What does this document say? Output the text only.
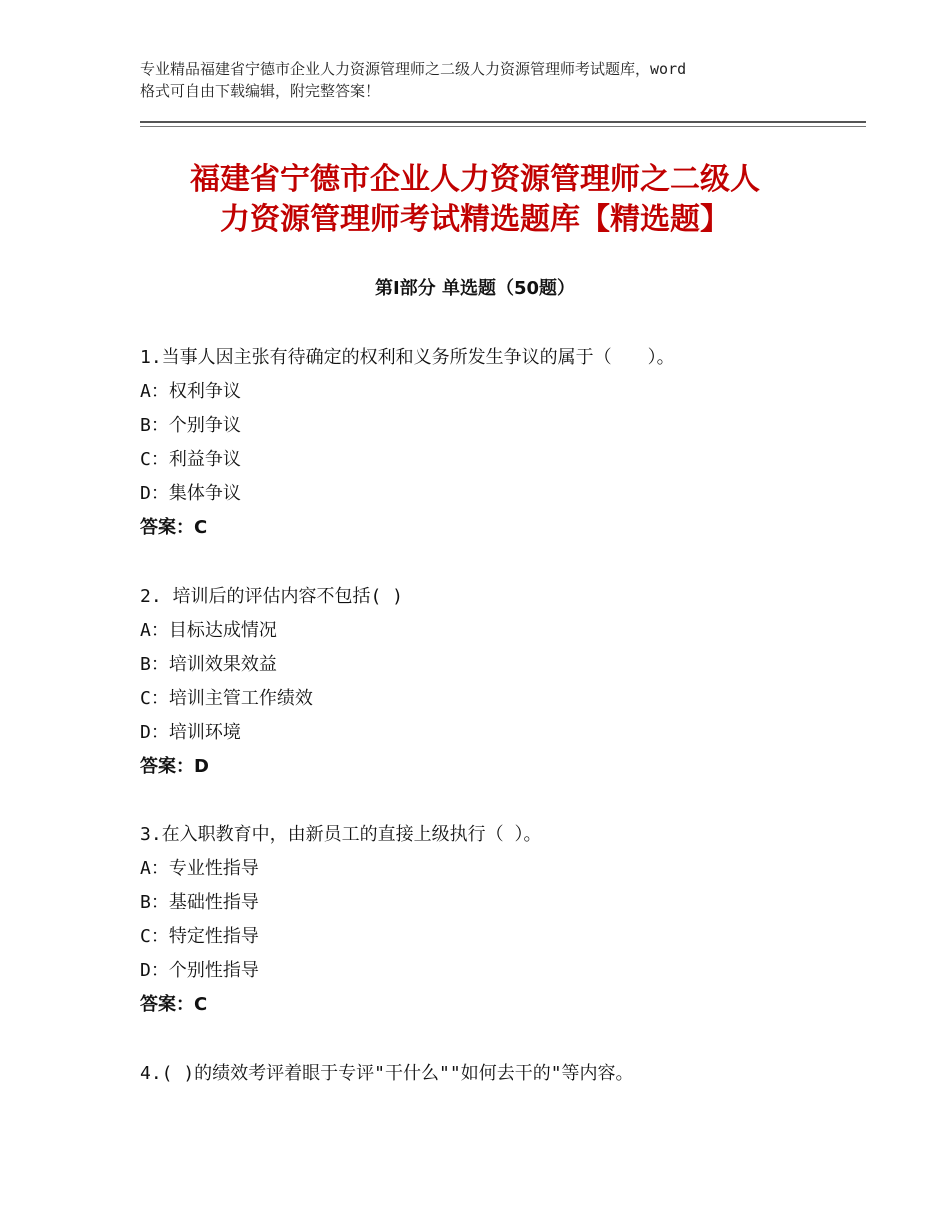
专业精品福建省宁德市企业人力资源管理师之二级人力资源管理师考试题库，word
格式可自由下载编辑，附完整答案！
福建省宁德市企业人力资源管理师之二级人
力资源管理师考试精选题库【精选题】
第Ⅰ部分 单选题（50题）
1.当事人因主张有待确定的权利和义务所发生争议的属于（　　）。
A：权利争议
B：个别争议
C：利益争议
D：集体争议
答案：C
2. 培训后的评估内容不包括( )
A：目标达成情况
B：培训效果效益
C：培训主管工作绩效
D：培训环境
答案：D
3.在入职教育中，由新员工的直接上级执行（ ）。
A：专业性指导
B：基础性指导
C：特定性指导
D：个别性指导
答案：C
4.( )的绩效考评着眼于专评"干什么""如何去干的"等内容。
